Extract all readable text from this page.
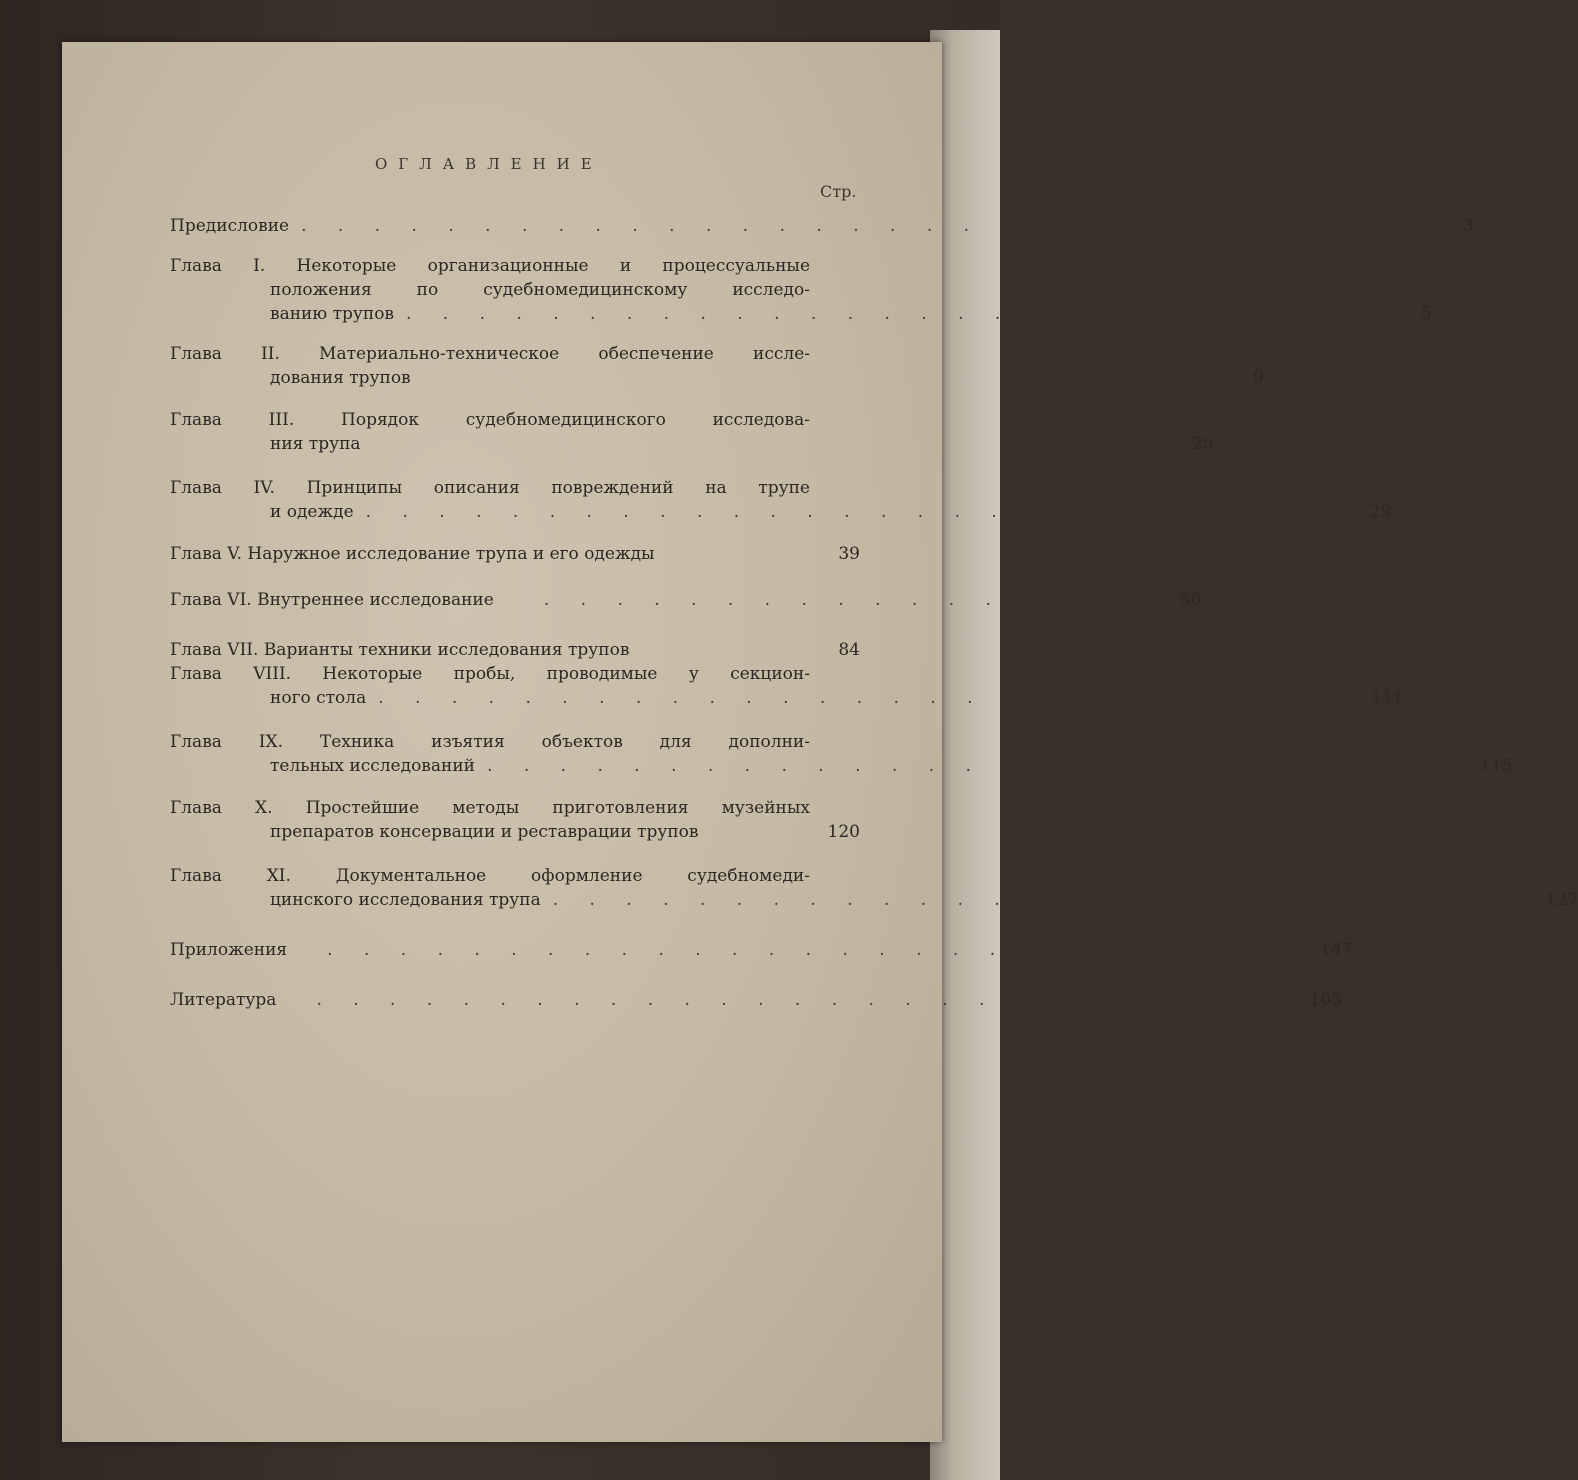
ОГЛАВЛЕНИЕ
Стр.
Предисловие . . . . . . . . . . . . . . . . . . . . . . . . . . . . . . .	3
Глава I. Некоторые организационные и процессуальные
положения по судебномедицинскому исследо-
ванию трупов . . . . . . . . . . . . . . . . . . . . . . . . . . .	5
Глава II. Материально-техническое обеспечение иссле-
дования трупов	9
Глава III. Порядок судебномедицинского исследова-
ния трупа	25
Глава IV. Принципы описания повреждений на трупе
и одежде . . . . . . . . . . . . . . . . . . . . . . . . . . .	29
Глава V. Наружное исследование трупа и его одежды	39
Глава VI. Внутреннее исследование	. . . . . . . . . . . . . . . . .	50
Глава VII. Варианты техники исследования трупов	84
Глава VIII. Некоторые пробы, проводимые у секцион-
ного стола . . . . . . . . . . . . . . . . . . . . . . . . . . .	111
Глава IX. Техника изъятия объектов для дополни-
тельных исследований . . . . . . . . . . . . . . . . . . . . . . . . . . .	115
Глава X. Простейшие методы приготовления музейных
препаратов консервации и реставрации трупов	120
Глава XI. Документальное оформление судебномеди-
цинского исследования трупа . . . . . . . . . . . . . . . . . . . . . . . . . . .	127
Приложения	. . . . . . . . . . . . . . . . . . . . . . . . . . .	147
Литература	. . . . . . . . . . . . . . . . . . . . . . . . . . .	165
